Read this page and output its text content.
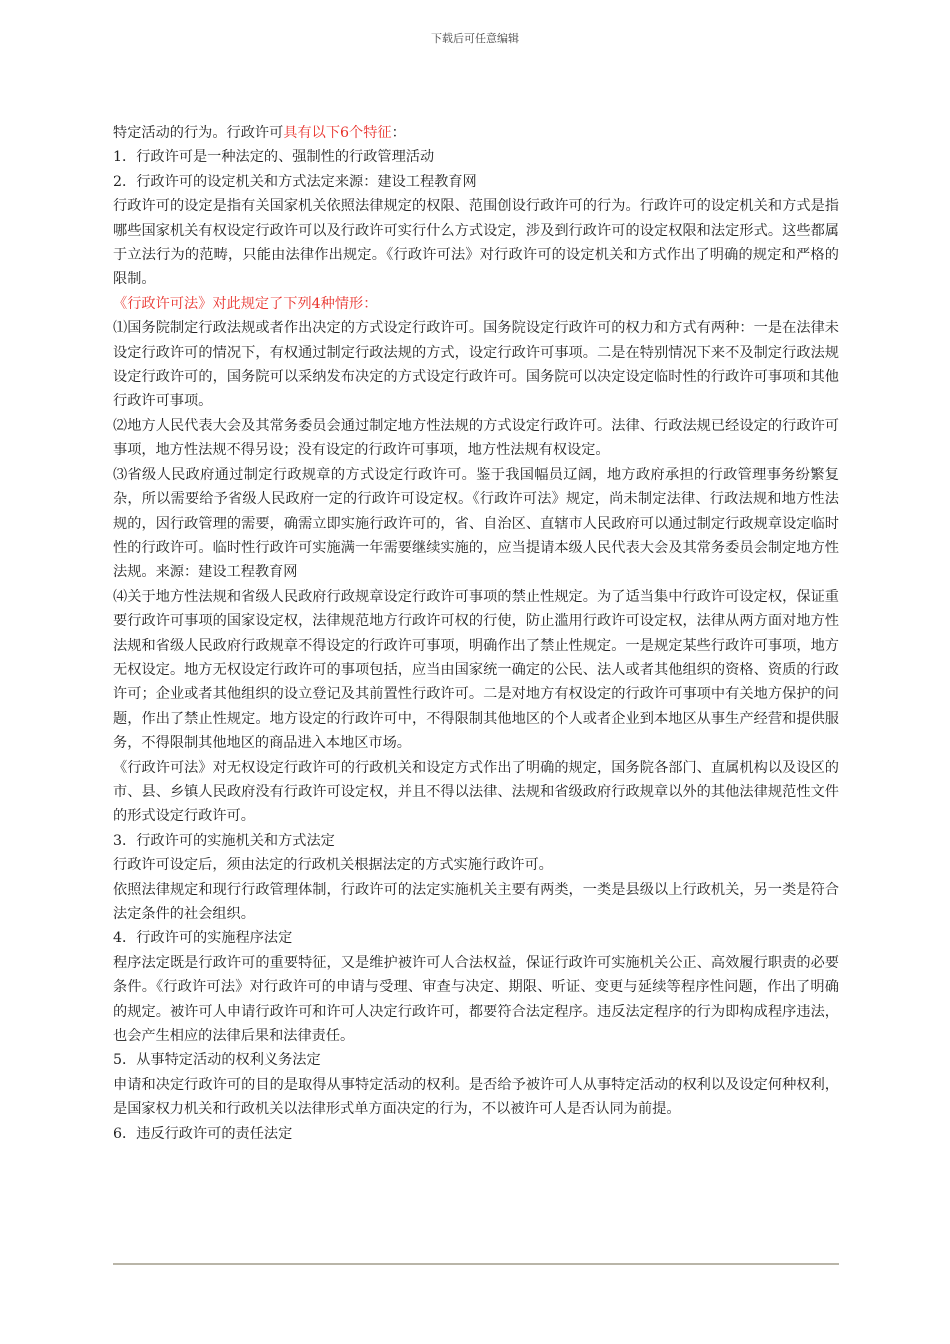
下载后可任意编辑

特定活动的行为。行政许可具有以下6个特征：

1．行政许可是一种法定的、强制性的行政管理活动

2．行政许可的设定机关和方式法定来源：建设工程教育网

行政许可的设定是指有关国家机关依照法律规定的权限、范围创设行政许可的行为。行政许可的设定机关和方式是指哪些国家机关有权设定行政许可以及行政许可实行什么方式设定，涉及到行政许可的设定权限和法定形式。这些都属于立法行为的范畴，只能由法律作出规定。《行政许可法》对行政许可的设定机关和方式作出了明确的规定和严格的限制。

《行政许可法》对此规定了下列4种情形：

⑴国务院制定行政法规或者作出决定的方式设定行政许可。国务院设定行政许可的权力和方式有两种：一是在法律未设定行政许可的情况下，有权通过制定行政法规的方式，设定行政许可事项。二是在特别情况下来不及制定行政法规设定行政许可的，国务院可以采纳发布决定的方式设定行政许可。国务院可以决定设定临时性的行政许可事项和其他行政许可事项。

⑵地方人民代表大会及其常务委员会通过制定地方性法规的方式设定行政许可。法律、行政法规已经设定的行政许可事项，地方性法规不得另设；没有设定的行政许可事项，地方性法规有权设定。

⑶省级人民政府通过制定行政规章的方式设定行政许可。鉴于我国幅员辽阔，地方政府承担的行政管理事务纷繁复杂，所以需要给予省级人民政府一定的行政许可设定权。《行政许可法》规定，尚未制定法律、行政法规和地方性法规的，因行政管理的需要，确需立即实施行政许可的，省、自治区、直辖市人民政府可以通过制定行政规章设定临时性的行政许可。临时性行政许可实施满一年需要继续实施的，应当提请本级人民代表大会及其常务委员会制定地方性法规。来源：建设工程教育网

⑷关于地方性法规和省级人民政府行政规章设定行政许可事项的禁止性规定。为了适当集中行政许可设定权，保证重要行政许可事项的国家设定权，法律规范地方行政许可权的行使，防止滥用行政许可设定权，法律从两方面对地方性法规和省级人民政府行政规章不得设定的行政许可事项，明确作出了禁止性规定。一是规定某些行政许可事项，地方无权设定。地方无权设定行政许可的事项包括，应当由国家统一确定的公民、法人或者其他组织的资格、资质的行政许可；企业或者其他组织的设立登记及其前置性行政许可。二是对地方有权设定的行政许可事项中有关地方保护的问题，作出了禁止性规定。地方设定的行政许可中，不得限制其他地区的个人或者企业到本地区从事生产经营和提供服务，不得限制其他地区的商品进入本地区市场。

《行政许可法》对无权设定行政许可的行政机关和设定方式作出了明确的规定，国务院各部门、直属机构以及设区的市、县、乡镇人民政府没有行政许可设定权，并且不得以法律、法规和省级政府行政规章以外的其他法律规范性文件的形式设定行政许可。

3．行政许可的实施机关和方式法定

行政许可设定后，须由法定的行政机关根据法定的方式实施行政许可。

依照法律规定和现行行政管理体制，行政许可的法定实施机关主要有两类，一类是县级以上行政机关，另一类是符合法定条件的社会组织。

4．行政许可的实施程序法定

程序法定既是行政许可的重要特征，又是维护被许可人合法权益，保证行政许可实施机关公正、高效履行职责的必要条件。《行政许可法》对行政许可的申请与受理、审查与决定、期限、听证、变更与延续等程序性问题，作出了明确的规定。被许可人申请行政许可和许可人决定行政许可，都要符合法定程序。违反法定程序的行为即构成程序违法，也会产生相应的法律后果和法律责任。

5．从事特定活动的权利义务法定

申请和决定行政许可的目的是取得从事特定活动的权利。是否给予被许可人从事特定活动的权利以及设定何种权利，是国家权力机关和行政机关以法律形式单方面决定的行为，不以被许可人是否认同为前提。

6．违反行政许可的责任法定
